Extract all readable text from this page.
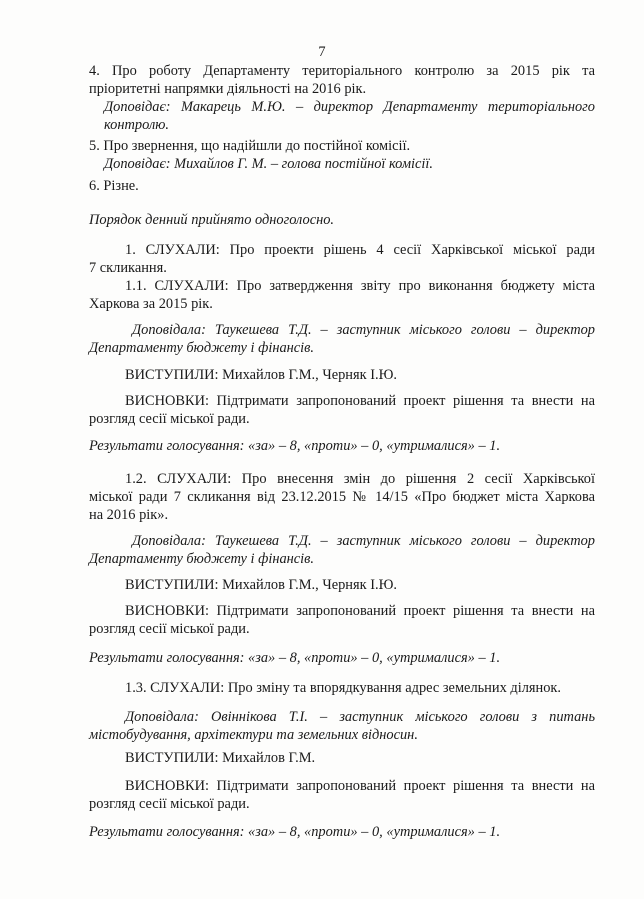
7
4. Про роботу Департаменту територіального контролю за 2015 рік та
пріоритетні напрямки діяльності на 2016 рік.
Доповідає: Макарець М.Ю. – директор Департаменту територіального
контролю.
5. Про звернення, що надійшли до постійної комісії.
Доповідає: Михайлов Г. М. – голова постійної комісії.
6. Різне.
Порядок денний прийнято одноголосно.
1. СЛУХАЛИ: Про проекти рішень 4 сесії Харківської міської ради
7 скликання.
1.1. СЛУХАЛИ: Про затвердження звіту про виконання бюджету міста
Харкова за 2015 рік.
Доповідала: Таукешева Т.Д. – заступник міського голови – директор
Департаменту бюджету і фінансів.
ВИСТУПИЛИ: Михайлов Г.М., Черняк І.Ю.
ВИСНОВКИ: Підтримати запропонований проект рішення та внести на
розгляд сесії міської ради.
Результати голосування: «за» – 8, «проти» – 0, «утрималися» – 1.
1.2. СЛУХАЛИ: Про внесення змін до рішення 2 сесії Харківської
міської ради 7 скликання від 23.12.2015 № 14/15 «Про бюджет міста Харкова
на 2016 рік».
Доповідала: Таукешева Т.Д. – заступник міського голови – директор
Департаменту бюджету і фінансів.
ВИСТУПИЛИ: Михайлов Г.М., Черняк І.Ю.
ВИСНОВКИ: Підтримати запропонований проект рішення та внести на
розгляд сесії міської ради.
Результати голосування: «за» – 8, «проти» – 0, «утрималися» – 1.
1.3. СЛУХАЛИ: Про зміну та впорядкування адрес земельних ділянок.
Доповідала: Овіннікова Т.І. – заступник міського голови з питань
містобудування, архітектури та земельних відносин.
ВИСТУПИЛИ: Михайлов Г.М.
ВИСНОВКИ: Підтримати запропонований проект рішення та внести на
розгляд сесії міської ради.
Результати голосування: «за» – 8, «проти» – 0, «утрималися» – 1.
